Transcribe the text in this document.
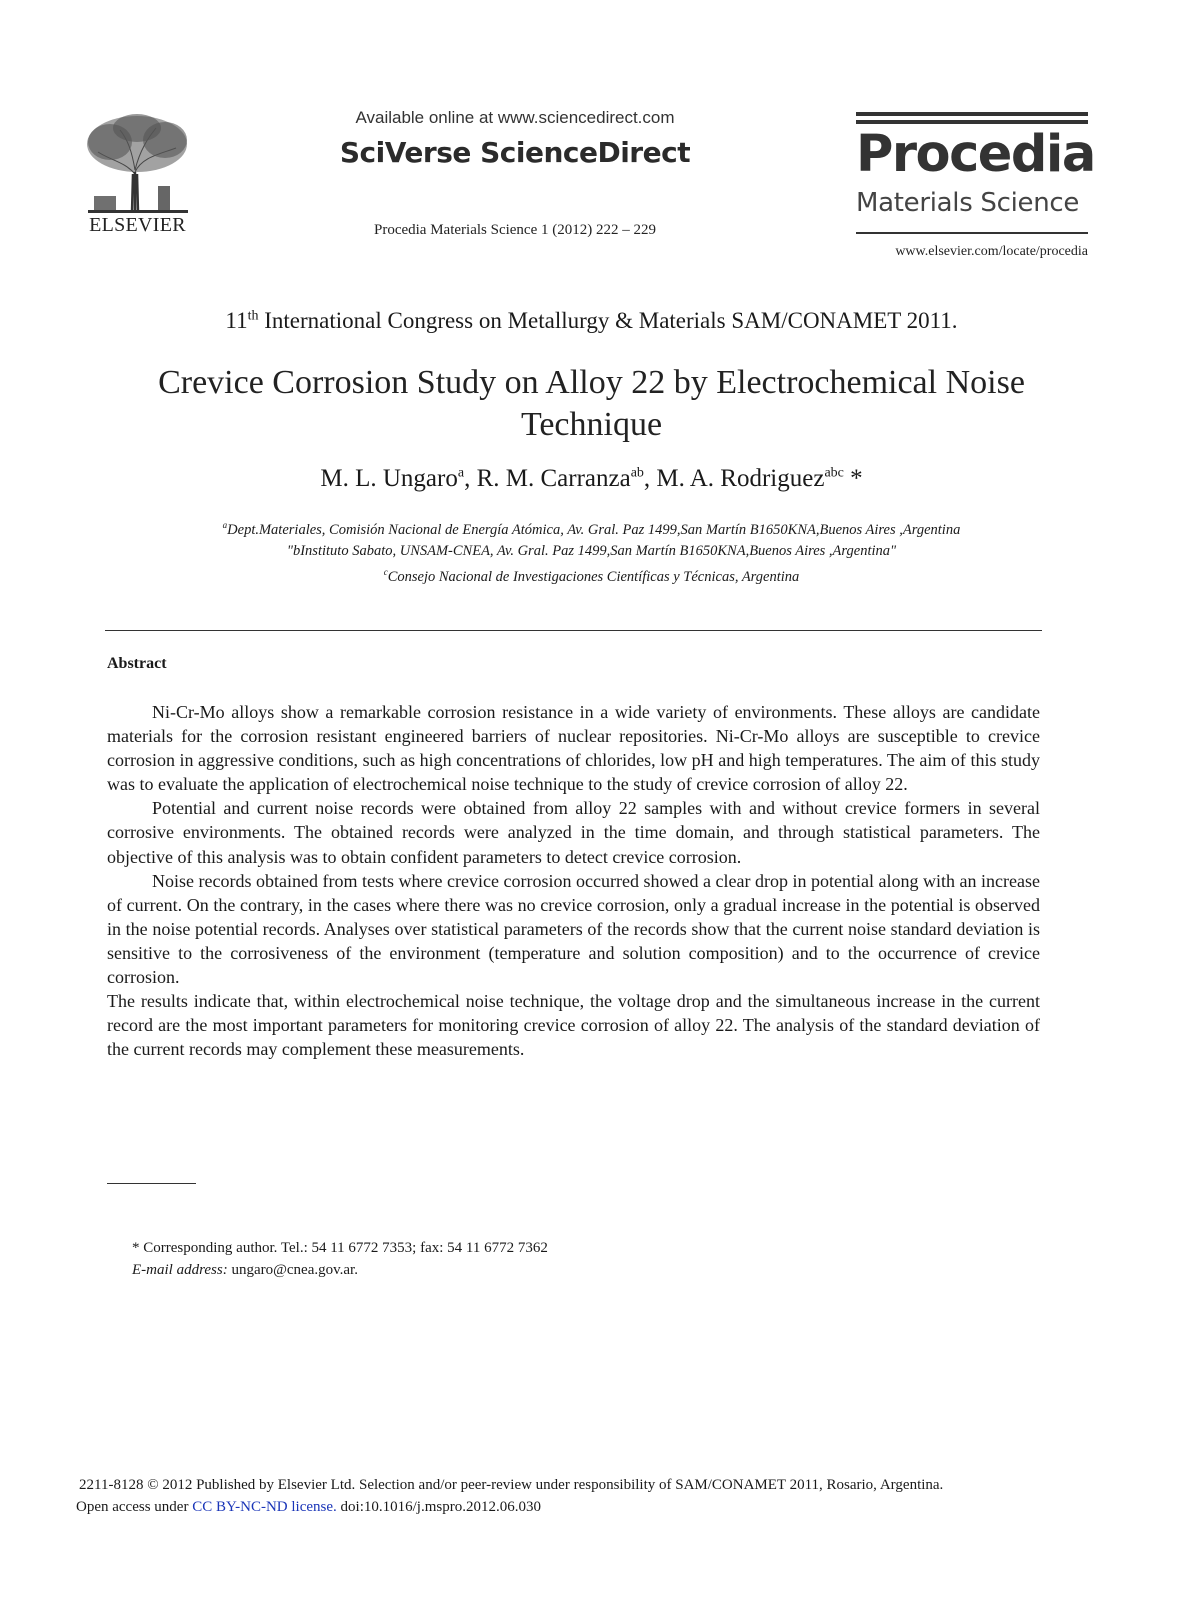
ELSEVIER
Available online at www.sciencedirect.com
SciVerse ScienceDirect
Procedia Materials Science 1 (2012) 222 – 229
Procedia
Materials Science
www.elsevier.com/locate/procedia
11th International Congress on Metallurgy & Materials SAM/CONAMET 2011.
Crevice Corrosion Study on Alloy 22 by Electrochemical Noise
Technique
M. L. Ungaro$^a$, R. M. Carranza$^{ab}$, M. A. Rodriguez$^{abc}$ *
$^a$Dept.Materiales, Comisión Nacional de Energía Atómica, Av. Gral. Paz 1499,San Martín B1650KNA,Buenos Aires ,Argentina
"bInstituto Sabato, UNSAM-CNEA, Av. Gral. Paz 1499,San Martín B1650KNA,Buenos Aires ,Argentina"
$^c$Consejo Nacional de Investigaciones Científicas y Técnicas, Argentina
Abstract

Ni-Cr-Mo alloys show a remarkable corrosion resistance in a wide variety of environments. These alloys are candidate materials for the corrosion resistant engineered barriers of nuclear repositories. Ni-Cr-Mo alloys are susceptible to crevice corrosion in aggressive conditions, such as high concentrations of chlorides, low pH and high temperatures. The aim of this study was to evaluate the application of electrochemical noise technique to the study of crevice corrosion of alloy 22.

Potential and current noise records were obtained from alloy 22 samples with and without crevice formers in several corrosive environments. The obtained records were analyzed in the time domain, and through statistical parameters. The objective of this analysis was to obtain confident parameters to detect crevice corrosion.

Noise records obtained from tests where crevice corrosion occurred showed a clear drop in potential along with an increase of current. On the contrary, in the cases where there was no crevice corrosion, only a gradual increase in the potential is observed in the noise potential records. Analyses over statistical parameters of the records show that the current noise standard deviation is sensitive to the corrosiveness of the environment (temperature and solution composition) and to the occurrence of crevice corrosion.

The results indicate that, within electrochemical noise technique, the voltage drop and the simultaneous increase in the current record are the most important parameters for monitoring crevice corrosion of alloy 22. The analysis of the standard deviation of the current records may complement these measurements.

* Corresponding author. Tel.: 54 11 6772 7353; fax: 54 11 6772 7362
E-mail address: ungaro@cnea.gov.ar.
2211-8128 © 2012 Published by Elsevier Ltd. Selection and/or peer-review under responsibility of SAM/CONAMET 2011, Rosario, Argentina.
Open access under CC BY-NC-ND license. doi:10.1016/j.mspro.2012.06.030
